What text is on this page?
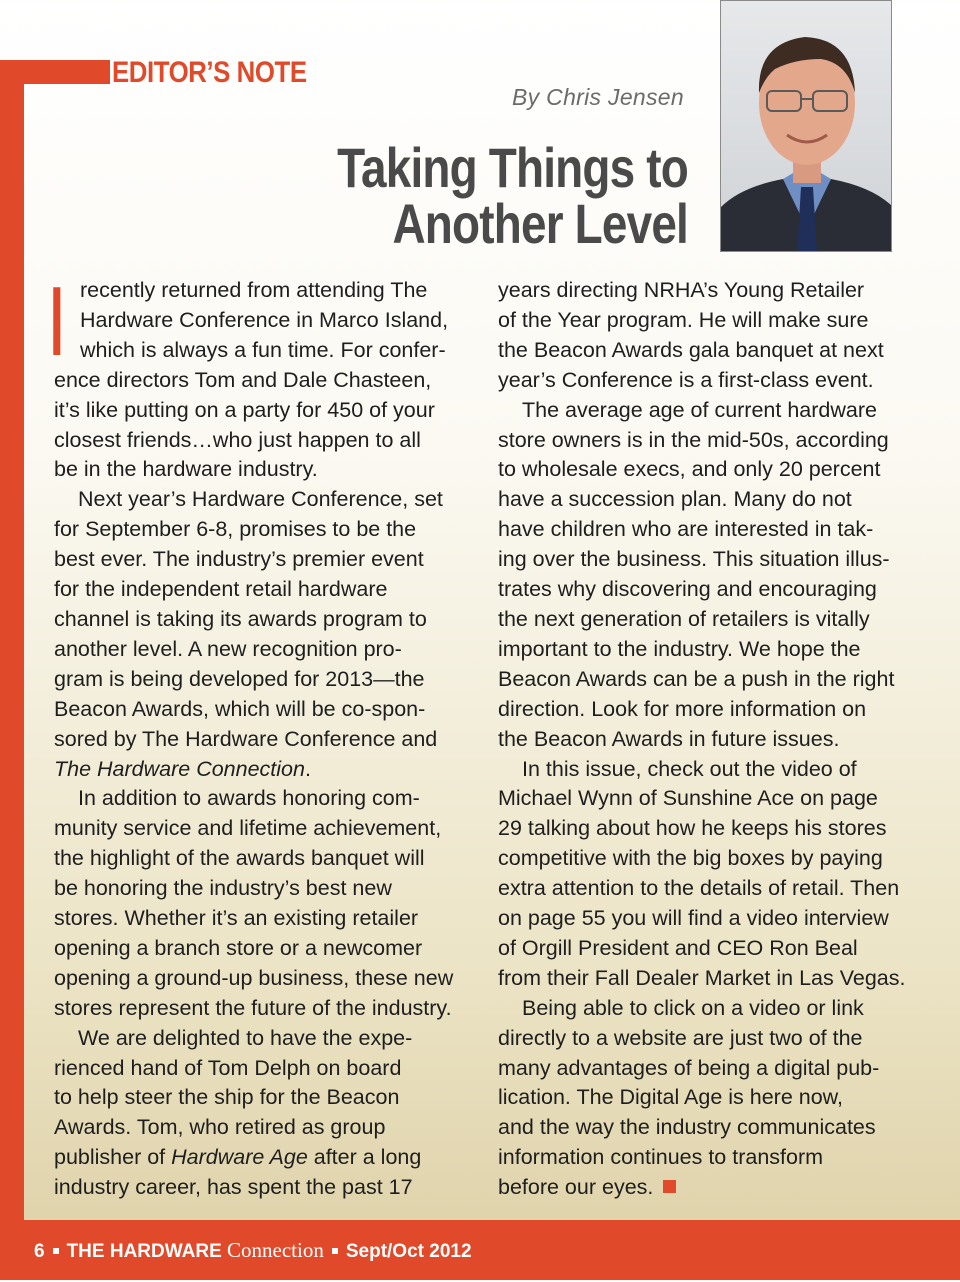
EDITOR’S NOTE
By Chris Jensen
Taking Things to
Another Level
I recently returned from attending The

Hardware Conference in Marco Island,

which is always a fun time. For confer-

ence directors Tom and Dale Chasteen,

it’s like putting on a party for 450 of your

closest friends…who just happen to all

be in the hardware industry.

Next year’s Hardware Conference, set

for September 6-8, promises to be the

best ever. The industry’s premier event

for the independent retail hardware

channel is taking its awards program to

another level. A new recognition pro-

gram is being developed for 2013—the

Beacon Awards, which will be co-spon-

sored by The Hardware Conference and

The Hardware Connection.

In addition to awards honoring com-

munity service and lifetime achievement,

the highlight of the awards banquet will

be honoring the industry’s best new

stores. Whether it’s an existing retailer

opening a branch store or a newcomer

opening a ground-up business, these new

stores represent the future of the industry.

We are delighted to have the expe-

rienced hand of Tom Delph on board

to help steer the ship for the Beacon

Awards. Tom, who retired as group

publisher of Hardware Age after a long

industry career, has spent the past 17

years directing NRHA’s Young Retailer

of the Year program. He will make sure

the Beacon Awards gala banquet at next

year’s Conference is a first-class event.

The average age of current hardware

store owners is in the mid-50s, according

to wholesale execs, and only 20 percent

have a succession plan. Many do not

have children who are interested in tak-

ing over the business. This situation illus-

trates why discovering and encouraging

the next generation of retailers is vitally

important to the industry. We hope the

Beacon Awards can be a push in the right

direction. Look for more information on

the Beacon Awards in future issues.

In this issue, check out the video of

Michael Wynn of Sunshine Ace on page

29 talking about how he keeps his stores

competitive with the big boxes by paying

extra attention to the details of retail. Then

on page 55 you will find a video interview

of Orgill President and CEO Ron Beal

from their Fall Dealer Market in Las Vegas.

Being able to click on a video or link

directly to a website are just two of the

many advantages of being a digital pub-

lication. The Digital Age is here now,

and the way the industry communicates

information continues to transform

before our eyes.

6 THE HARDWARE Connection Sept/Oct 2012
